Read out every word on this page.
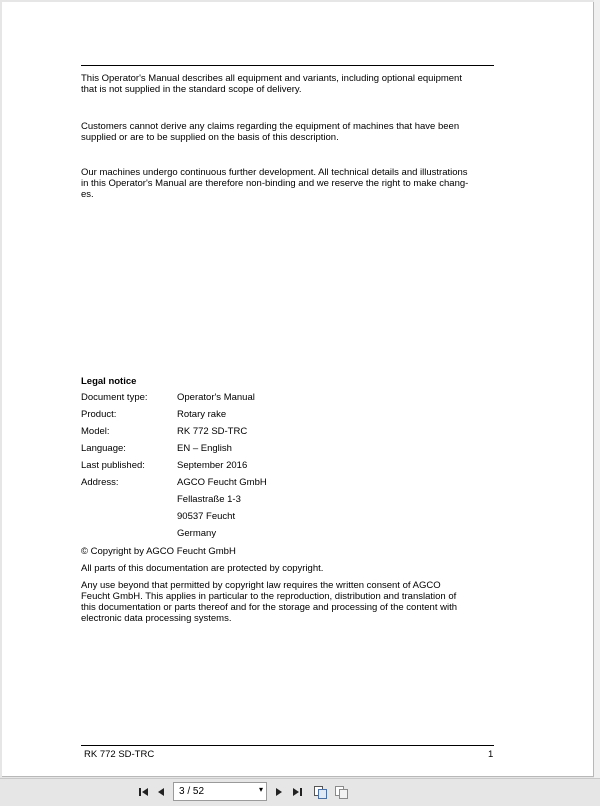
This Operator's Manual describes all equipment and variants, including optional equipment
that is not supplied in the standard scope of delivery.

Customers cannot derive any claims regarding the equipment of machines that have been
supplied or are to be supplied on the basis of this description.

Our machines undergo continuous further development. All technical details and illustrations
in this Operator's Manual are therefore non-binding and we reserve the right to make chang-
es.

Legal notice
Document type:	Operator's Manual
Product:	Rotary rake
Model:	RK 772 SD-TRC
Language:	EN – English
Last published:	September 2016
Address:	AGCO Feucht GmbH
Fellastraße 1-3
90537 Feucht
Germany
© Copyright by AGCO Feucht GmbH
All parts of this documentation are protected by copyright.

Any use beyond that permitted by copyright law requires the written consent of AGCO
Feucht GmbH. This applies in particular to the reproduction, distribution and translation of
this documentation or parts thereof and for the storage and processing of the content with
electronic data processing systems.

RK 772 SD-TRC	1
3 / 52	▾
